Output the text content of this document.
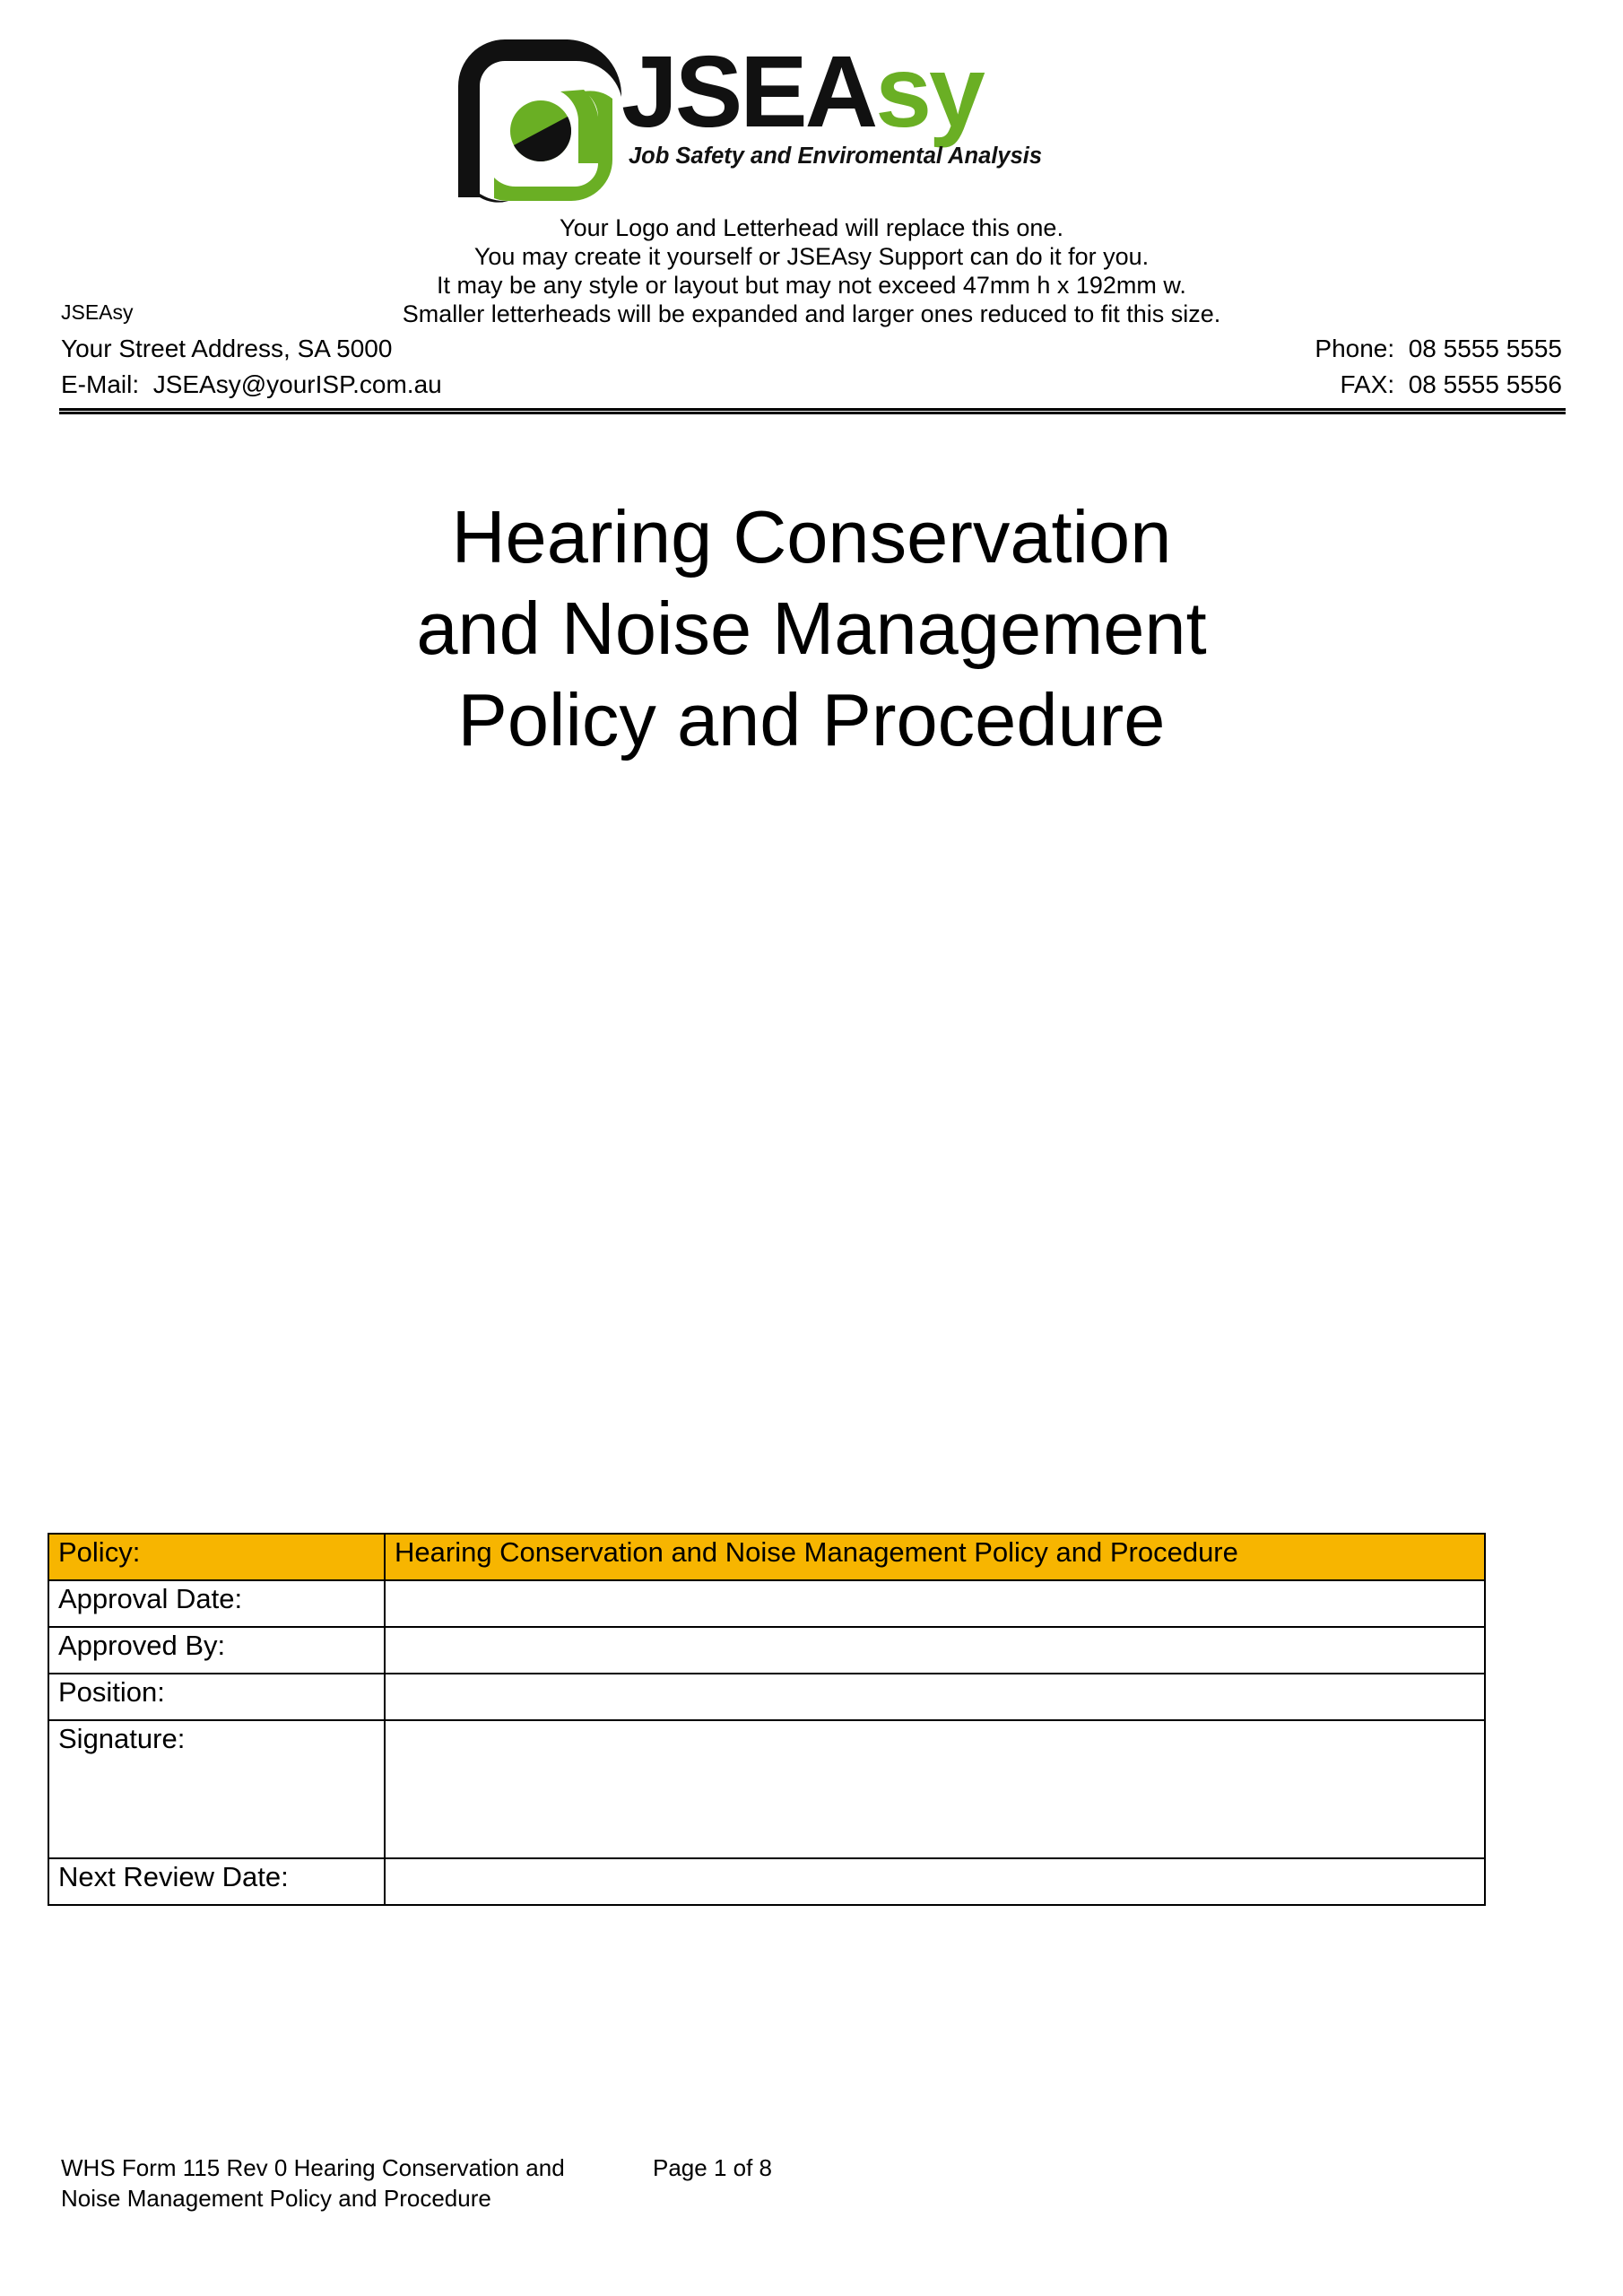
JSEAsy
Job Safety and Enviromental Analysis
Your Logo and Letterhead will replace this one.
You may create it yourself or JSEAsy Support can do it for you.
It may be any style or layout but may not exceed 47mm h x 192mm w.
Smaller letterheads will be expanded and larger ones reduced to fit this size.
JSEAsy
Your Street Address, SA 5000
E-Mail: JSEAsy@yourISP.com.au
Phone: 08 5555 5555
FAX: 08 5555 5556
Hearing Conservation
and Noise Management
Policy and Procedure
Policy:	Hearing Conservation and Noise Management Policy and Procedure
Approval Date:	
Approved By:	
Position:	
Signature:	
Next Review Date:	
WHS Form 115 Rev 0 Hearing Conservation and
Noise Management Policy and Procedure
Page 1 of 8
